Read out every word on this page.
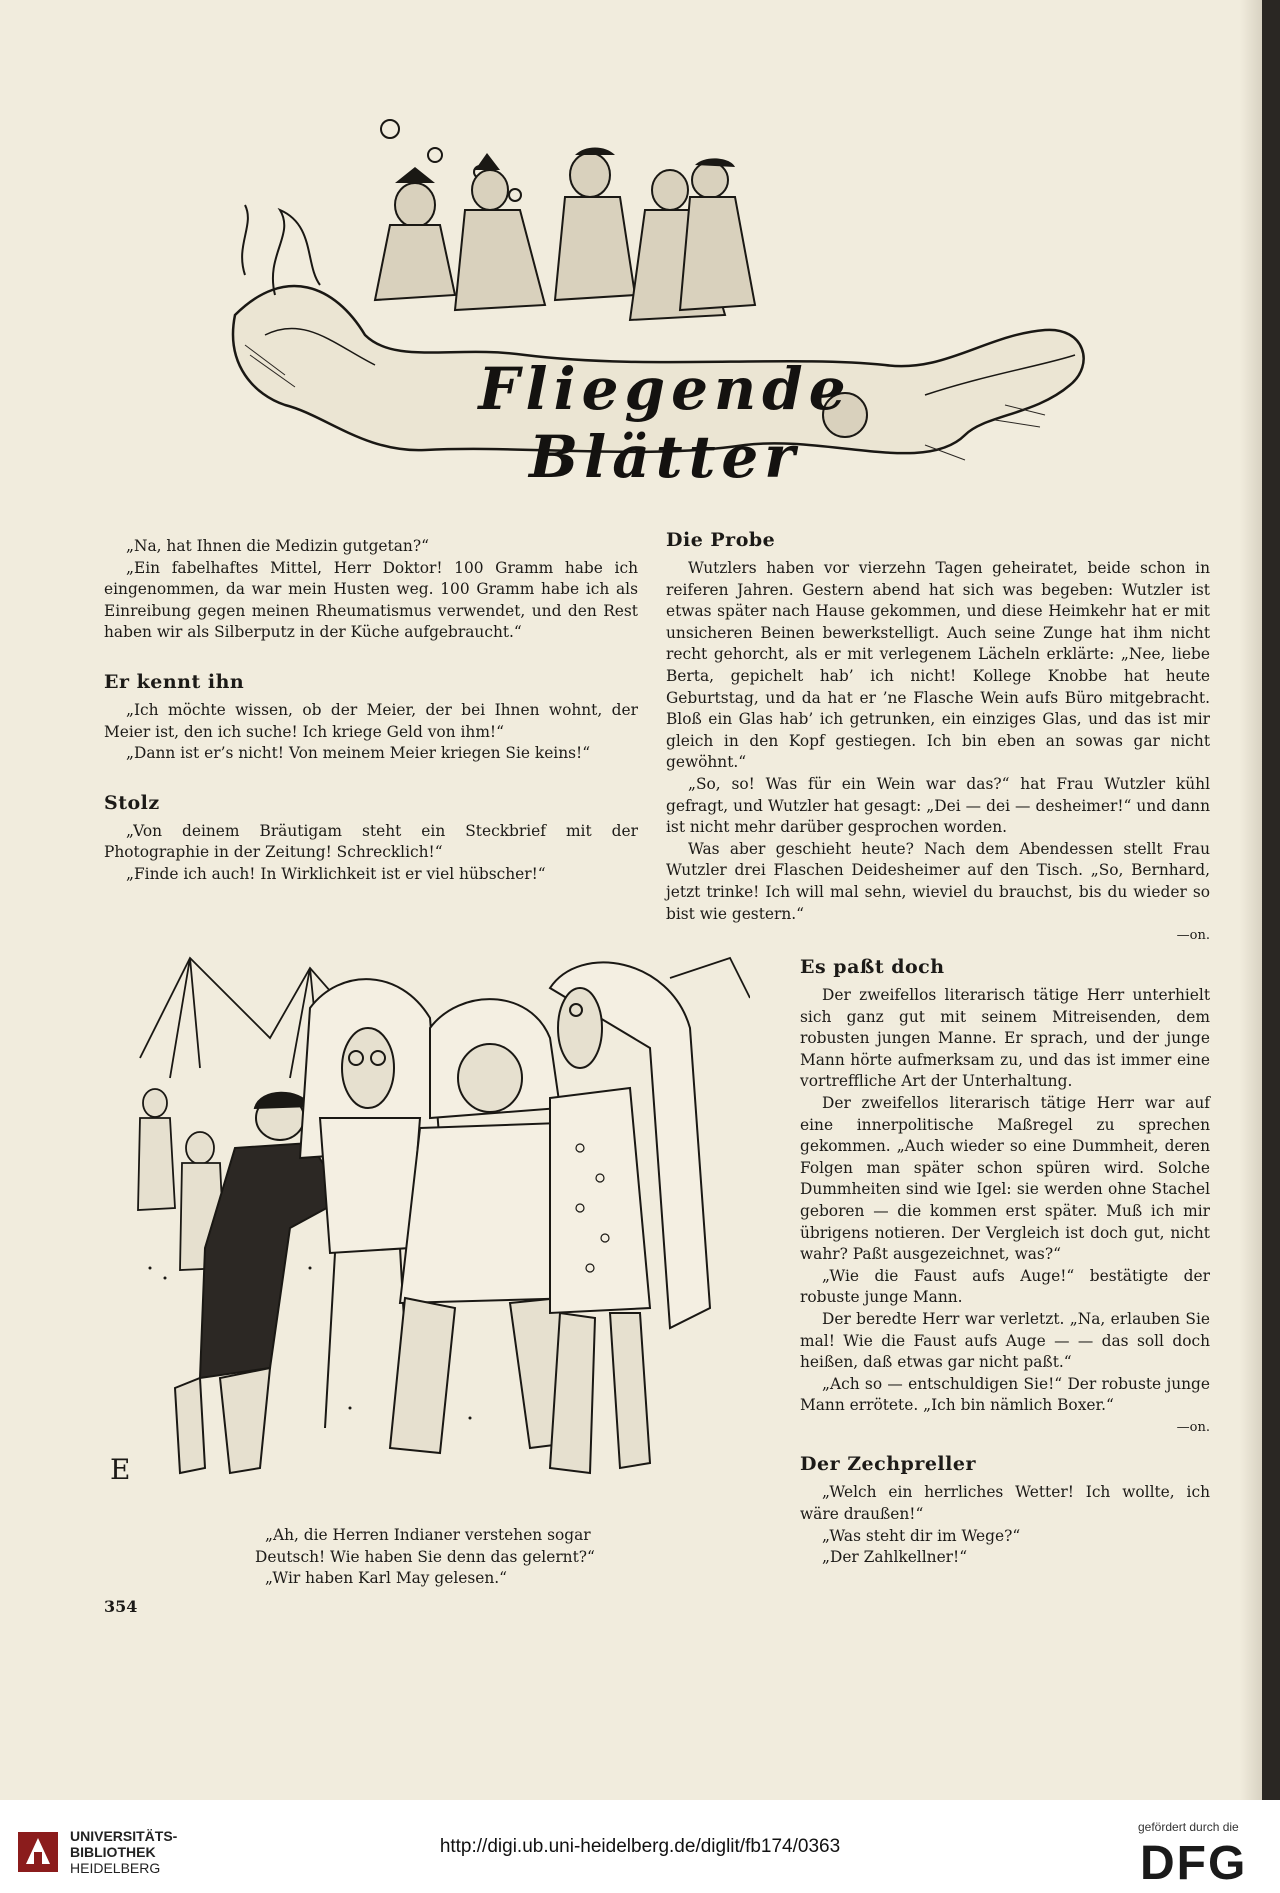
Fliegende Blätter

„Na, hat Ihnen die Medizin gutgetan?“

„Ein fabelhaftes Mittel, Herr Doktor! 100 Gramm habe ich eingenommen, da war mein Husten weg. 100 Gramm habe ich als Einreibung gegen meinen Rheumatismus verwendet, und den Rest haben wir als Silberputz in der Küche aufgebraucht.“

Er kennt ihn

„Ich möchte wissen, ob der Meier, der bei Ihnen wohnt, der Meier ist, den ich suche! Ich kriege Geld von ihm!“

„Dann ist er’s nicht! Von meinem Meier kriegen Sie keins!“

Stolz

„Von deinem Bräutigam steht ein Steckbrief mit der Photographie in der Zeitung! Schrecklich!“

„Finde ich auch! In Wirklichkeit ist er viel hübscher!“

Die Probe

Wutzlers haben vor vierzehn Tagen geheiratet, beide schon in reiferen Jahren. Gestern abend hat sich was begeben: Wutzler ist etwas später nach Hause gekommen, und diese Heimkehr hat er mit unsicheren Beinen bewerkstelligt. Auch seine Zunge hat ihm nicht recht gehorcht, als er mit verlegenem Lächeln erklärte: „Nee, liebe Berta, gepichelt hab’ ich nicht! Kollege Knobbe hat heute Geburtstag, und da hat er ’ne Flasche Wein aufs Büro mitgebracht. Bloß ein Glas hab’ ich getrunken, ein einziges Glas, und das ist mir gleich in den Kopf gestiegen. Ich bin eben an sowas gar nicht gewöhnt.“

„So, so! Was für ein Wein war das?“ hat Frau Wutzler kühl gefragt, und Wutzler hat gesagt: „Dei — dei — desheimer!“ und dann ist nicht mehr darüber gesprochen worden.

Was aber geschieht heute? Nach dem Abendessen stellt Frau Wutzler drei Flaschen Deidesheimer auf den Tisch. „So, Bernhard, jetzt trinke! Ich will mal sehn, wieviel du brauchst, bis du wieder so bist wie gestern.“

—on.
E

„Ah, die Herren Indianer verstehen sogar Deutsch! Wie haben Sie denn das gelernt?“

„Wir haben Karl May gelesen.“

Es paßt doch

Der zweifellos literarisch tätige Herr unterhielt sich ganz gut mit seinem Mitreisenden, dem robusten jungen Manne. Er sprach, und der junge Mann hörte aufmerksam zu, und das ist immer eine vortreffliche Art der Unterhaltung.

Der zweifellos literarisch tätige Herr war auf eine innerpolitische Maßregel zu sprechen gekommen. „Auch wieder so eine Dummheit, deren Folgen man später schon spüren wird. Solche Dummheiten sind wie Igel: sie werden ohne Stachel geboren — die kommen erst später. Muß ich mir übrigens notieren. Der Vergleich ist doch gut, nicht wahr? Paßt ausgezeichnet, was?“

„Wie die Faust aufs Auge!“ bestätigte der robuste junge Mann.

Der beredte Herr war verletzt. „Na, erlauben Sie mal! Wie die Faust aufs Auge — — das soll doch heißen, daß etwas gar nicht paßt.“

„Ach so — entschuldigen Sie!“ Der robuste junge Mann errötete. „Ich bin nämlich Boxer.“

—on.
Der Zechpreller

„Welch ein herrliches Wetter! Ich wollte, ich wäre draußen!“

„Was steht dir im Wege?“

„Der Zahlkellner!“

354
UNIVERSITÄTS-
BIBLIOTHEK
HEIDELBERG
http://digi.ub.uni-heidelberg.de/diglit/fb174/0363
gefördert durch die
DFG
